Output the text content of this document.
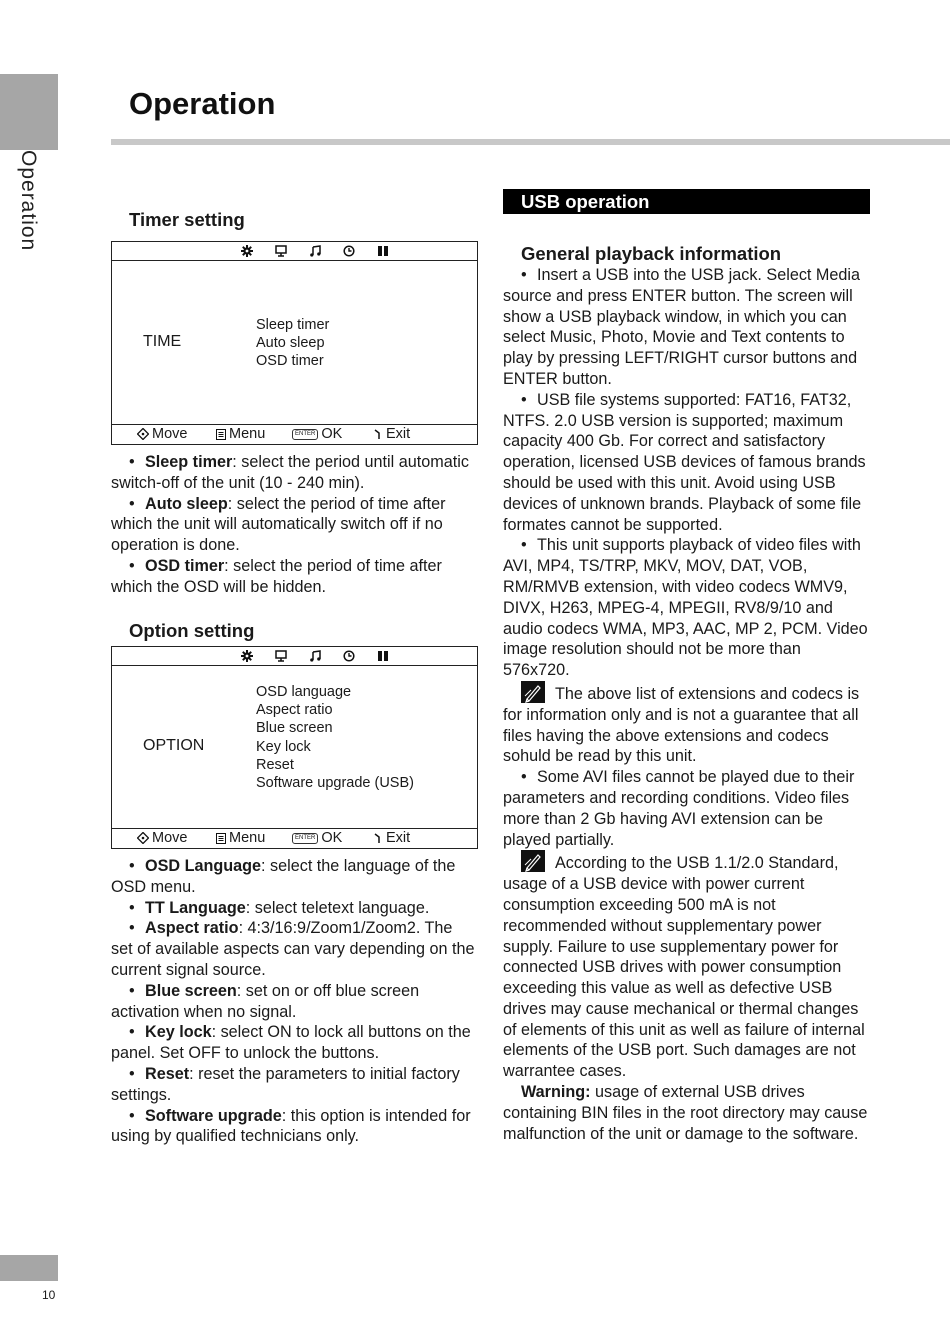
Operation
Operation
10
Timer setting
TIME
Sleep timer
Auto sleep
OSD timer
Move	Menu	ENTER OK	Exit

• Sleep timer: select the period until automatic switch-off of the unit (10 - 240 min).

• Auto sleep: select the period of time after which the unit will automatically switch off if no operation is done.

• OSD timer: select the period of time after which the OSD will be hidden.

Option setting
OPTION
OSD language
Aspect ratio
Blue screen
Key lock
Reset
Software upgrade (USB)
Move	Menu	ENTER OK	Exit

• OSD Language: select the language of the OSD menu.

• TT Language: select teletext language.

• Aspect ratio: 4:3/16:9/Zoom1/Zoom2. The set of available aspects can vary depending on the current signal source.

• Blue screen: set on or off blue screen activation when no signal.

• Key lock: select ON to lock all buttons on the panel. Set OFF to unlock the buttons.

• Reset: reset the parameters to initial factory settings.

• Software upgrade: this option is intended for using by qualified technicians only.

USB operation
General playback information

• Insert a USB into the USB jack. Select Media source and press ENTER button. The screen will show a USB playback window, in which you can select Music, Photo, Movie and Text contents to play by pressing LEFT/RIGHT cursor buttons and ENTER button.

• USB file systems supported: FAT16, FAT32, NTFS. 2.0 USB version is supported; maximum capacity 400 Gb. For correct and satisfactory operation, licensed USB devices of famous brands should be used with this unit. Avoid using USB devices of unknown brands. Playback of some file formates cannot be supported.

• This unit supports playback of video files with AVI, MP4, TS/TRP, MKV, MOV, DAT, VOB, RM/RMVB extension, with video codecs WMV9, DIVX, H263, MPEG-4, MPEGII, RV8/9/10 and audio codecs WMA, MP3, AAC, MP 2, PCM. Video image resolution should not be more than 576x720.

The above list of extensions and codecs is for information only and is not a guarantee that all files having the above extensions and codecs sohuld be read by this unit.

• Some AVI files cannot be played due to their parameters and recording conditions. Video files more than 2 Gb having AVI extension can be played partially.

According to the USB 1.1/2.0 Standard, usage of a USB device with power current consumption exceeding 500 mA is not recommended without supplementary power supply. Failure to use supplementary power for connected USB drives with power consumption exceeding this value as well as defective USB drives may cause mechanical or thermal changes of elements of this unit as well as failure of internal elements of the USB port. Such damages are not warrantee cases.

Warning: usage of external USB drives containing BIN files in the root directory may cause malfunction of the unit or damage to the software.
